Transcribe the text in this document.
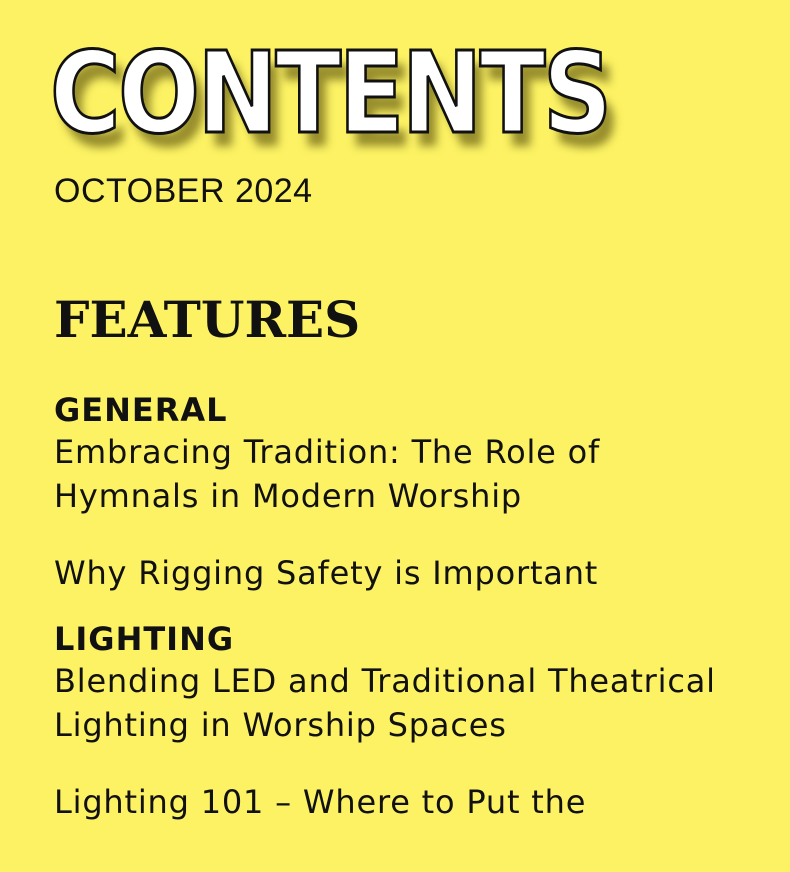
CONTENTS
OCTOBER 2024
FEATURES
GENERAL

Embracing Tradition: The Role of Hymnals in Modern Worship

Why Rigging Safety is Important

LIGHTING

Blending LED and Traditional Theatrical Lighting in Worship Spaces

Lighting 101 – Where to Put the
